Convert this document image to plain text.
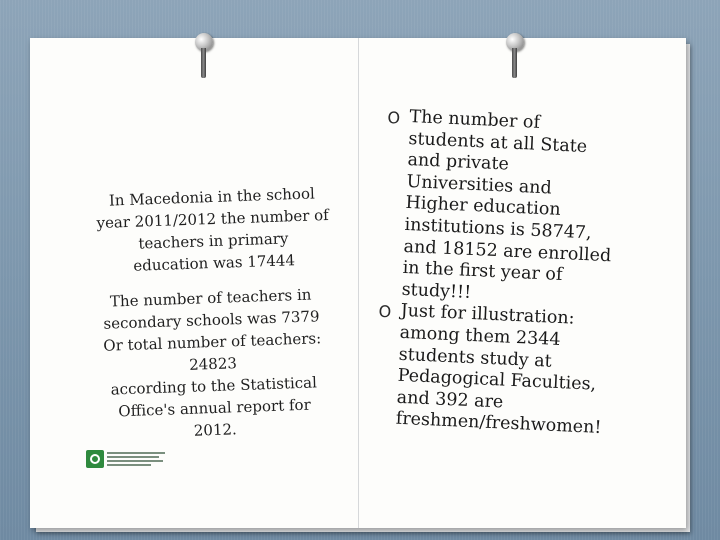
In Macedonia in the school
year 2011/2012 the number of
teachers in primary
education was 17444
The number of teachers in
secondary schools was 7379
Or total number of teachers:
24823
according to the Statistical
Office's annual report for
2012.
O The number of
students at all State
and private
Universities and
Higher education
institutions is 58747,
and 18152 are enrolled
in the first year of
study!!!
O Just for illustration:
among them 2344
students study at
Pedagogical Faculties,
and 392 are
freshmen/freshwomen!
